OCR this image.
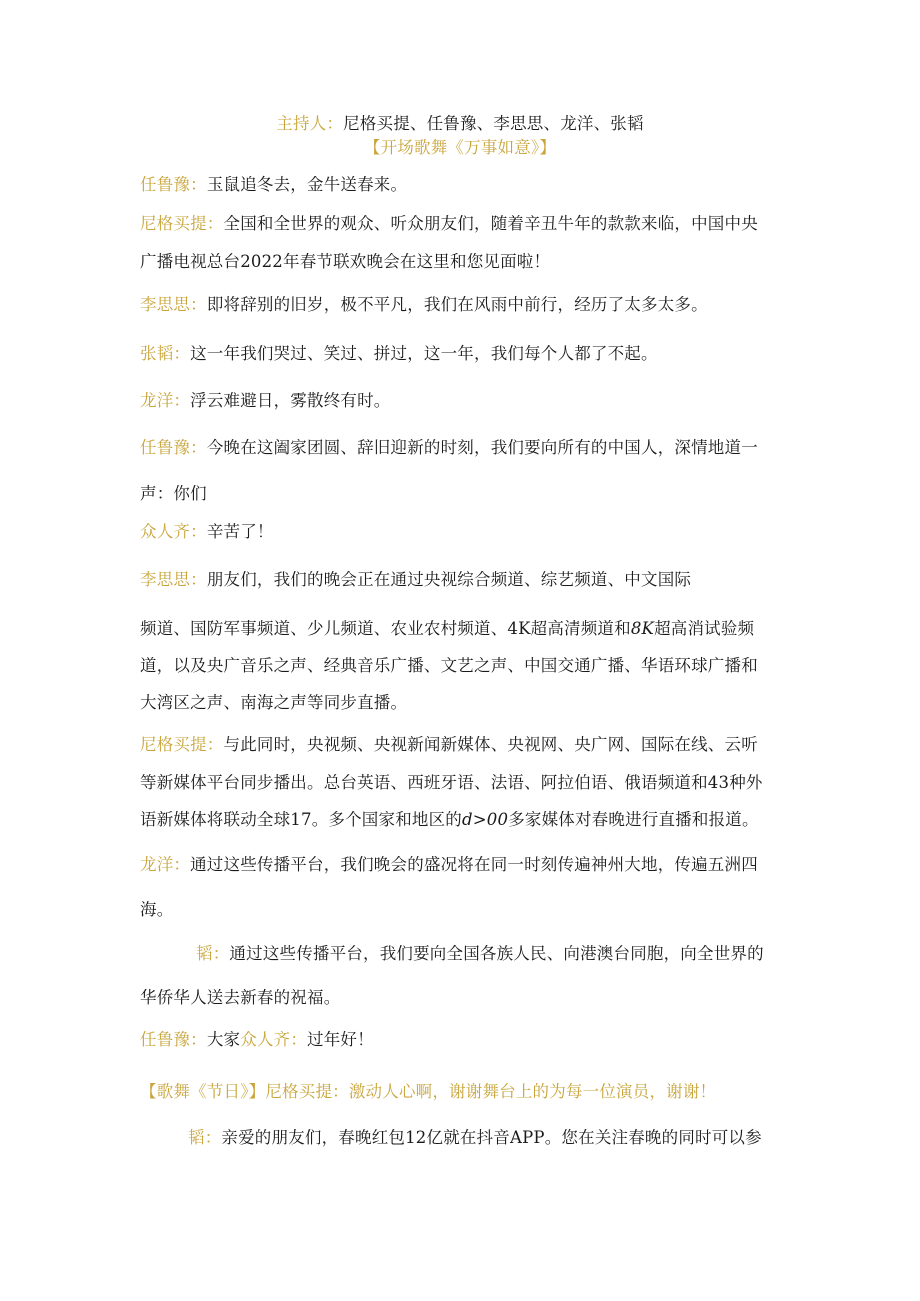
主持人：尼格买提、任鲁豫、李思思、龙洋、张韬
【开场歌舞《万事如意》】
任鲁豫：玉鼠追冬去，金牛送春来。
尼格买提：全国和全世界的观众、听众朋友们，随着辛丑牛年的款款来临，中国中央
广播电视总台2022年春节联欢晚会在这里和您见面啦！
李思思：即将辞别的旧岁，极不平凡，我们在风雨中前行，经历了太多太多。
张韬：这一年我们哭过、笑过、拼过，这一年，我们每个人都了不起。
龙洋：浮云难避日，雾散终有时。
任鲁豫：今晚在这阖家团圆、辞旧迎新的时刻，我们要向所有的中国人，深情地道一
声：你们
众人齐：辛苦了！
李思思：朋友们，我们的晚会正在通过央视综合频道、综艺频道、中文国际
频道、国防军事频道、少儿频道、农业农村频道、4K超高清频道和8K超高消试验频
道，以及央广音乐之声、经典音乐广播、文艺之声、中国交通广播、华语环球广播和
大湾区之声、南海之声等同步直播。
尼格买提：与此同时，央视频、央视新闻新媒体、央视网、央广网、国际在线、云听
等新媒体平台同步播出。总台英语、西班牙语、法语、阿拉伯语、俄语频道和43种外
语新媒体将联动全球17。多个国家和地区的d>00多家媒体对春晚进行直播和报道。
龙洋：通过这些传播平台，我们晚会的盛况将在同一时刻传遍神州大地，传遍五洲四
海。
韬：通过这些传播平台，我们要向全国各族人民、向港澳台同胞，向全世界的
华侨华人送去新春的祝福。
任鲁豫：大家众人齐：过年好！
【歌舞《节日》】尼格买提：激动人心啊，谢谢舞台上的为每一位演员，谢谢！
韬：亲爱的朋友们，春晚红包12亿就在抖音APP。您在关注春晚的同时可以参
